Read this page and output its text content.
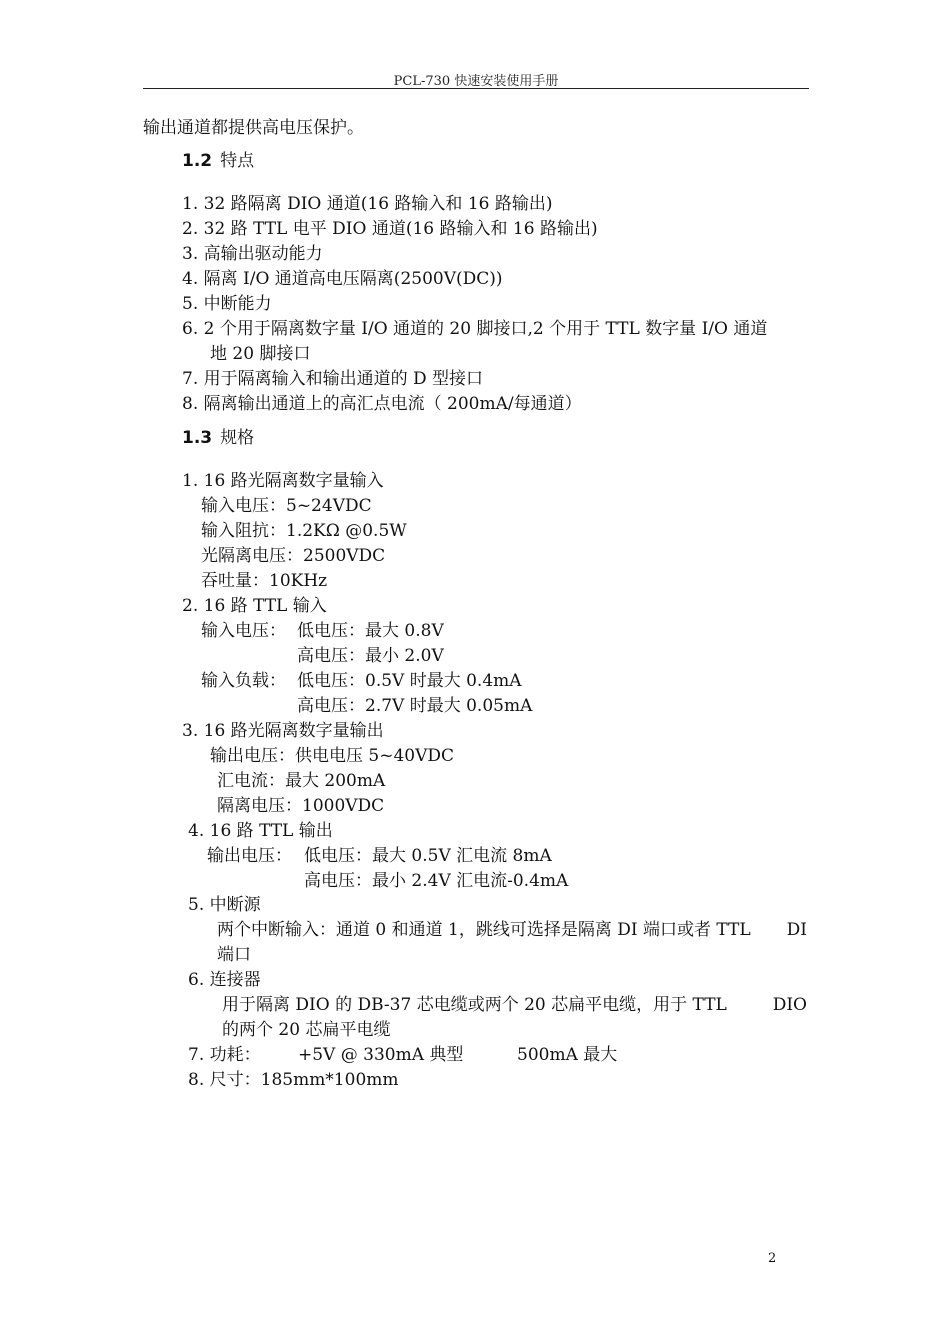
PCL-730 快速安装使用手册
输出通道都提供高电压保护。
1.2 特点
1. 32 路隔离 DIO 通道(16 路输入和 16 路输出)
2. 32 路 TTL 电平 DIO 通道(16 路输入和 16 路输出)
3. 高输出驱动能力
4. 隔离 I/O 通道高电压隔离(2500V(DC))
5. 中断能力
6. 2 个用于隔离数字量 I/O 通道的 20 脚接口,2 个用于 TTL 数字量 I/O 通道
地 20 脚接口
7. 用于隔离输入和输出通道的 D 型接口
8. 隔离输出通道上的高汇点电流（ 200mA/每通道）
1.3 规格
1. 16 路光隔离数字量输入
输入电压：5~24VDC
输入阻抗：1.2KΩ @0.5W
光隔离电压：2500VDC
吞吐量：10KHz
2. 16 路 TTL 输入
输入电压： 低电压：最大 0.8V
高电压：最小 2.0V
输入负载： 低电压：0.5V 时最大 0.4mA
高电压：2.7V 时最大 0.05mA
3. 16 路光隔离数字量输出
输出电压：供电电压 5~40VDC
汇电流：最大 200mA
隔离电压：1000VDC
4. 16 路 TTL 输出
输出电压： 低电压：最大 0.5V 汇电流 8mA
高电压：最小 2.4V 汇电流-0.4mA
5. 中断源
两个中断输入：通道 0 和通道 1，跳线可选择是隔离 DI 端口或者 TTL DI
端口
6. 连接器
用于隔离 DIO 的 DB-37 芯电缆或两个 20 芯扁平电缆，用于 TTL	DIO
的两个 20 芯扁平电缆
7. 功耗： +5V @ 330mA 典型	500mA 最大
8. 尺寸：185mm*100mm
2
